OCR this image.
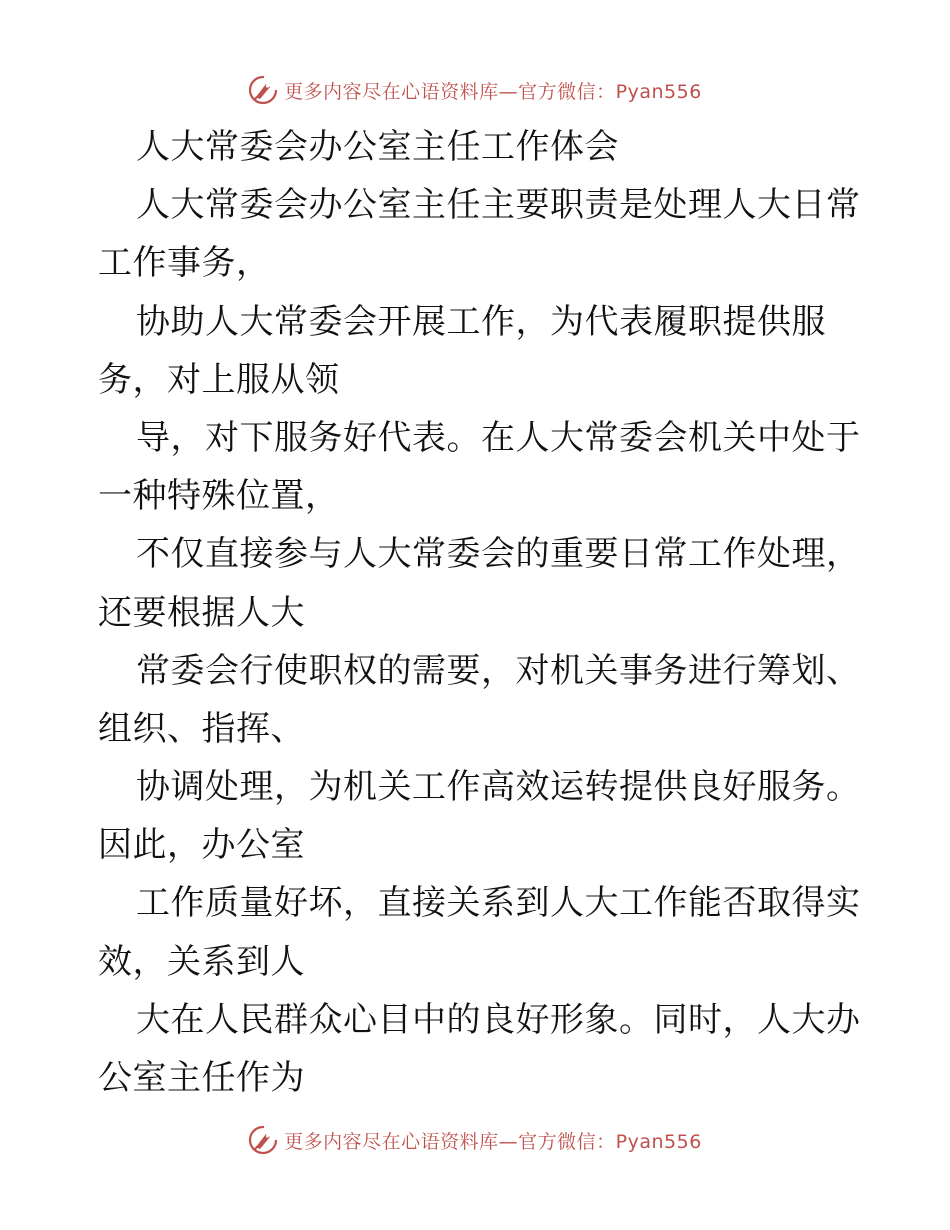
更多内容尽在心语资料库—官方微信：Pyan556
人大常委会办公室主任工作体会
人大常委会办公室主任主要职责是处理人大日常
工作事务，
协助人大常委会开展工作，为代表履职提供服
务，对上服从领
导，对下服务好代表。在人大常委会机关中处于
一种特殊位置，
不仅直接参与人大常委会的重要日常工作处理，
还要根据人大
常委会行使职权的需要，对机关事务进行筹划、
组织、指挥、
协调处理，为机关工作高效运转提供良好服务。
因此，办公室
工作质量好坏，直接关系到人大工作能否取得实
效，关系到人
大在人民群众心目中的良好形象。同时，人大办
公室主任作为
更多内容尽在心语资料库—官方微信：Pyan556
